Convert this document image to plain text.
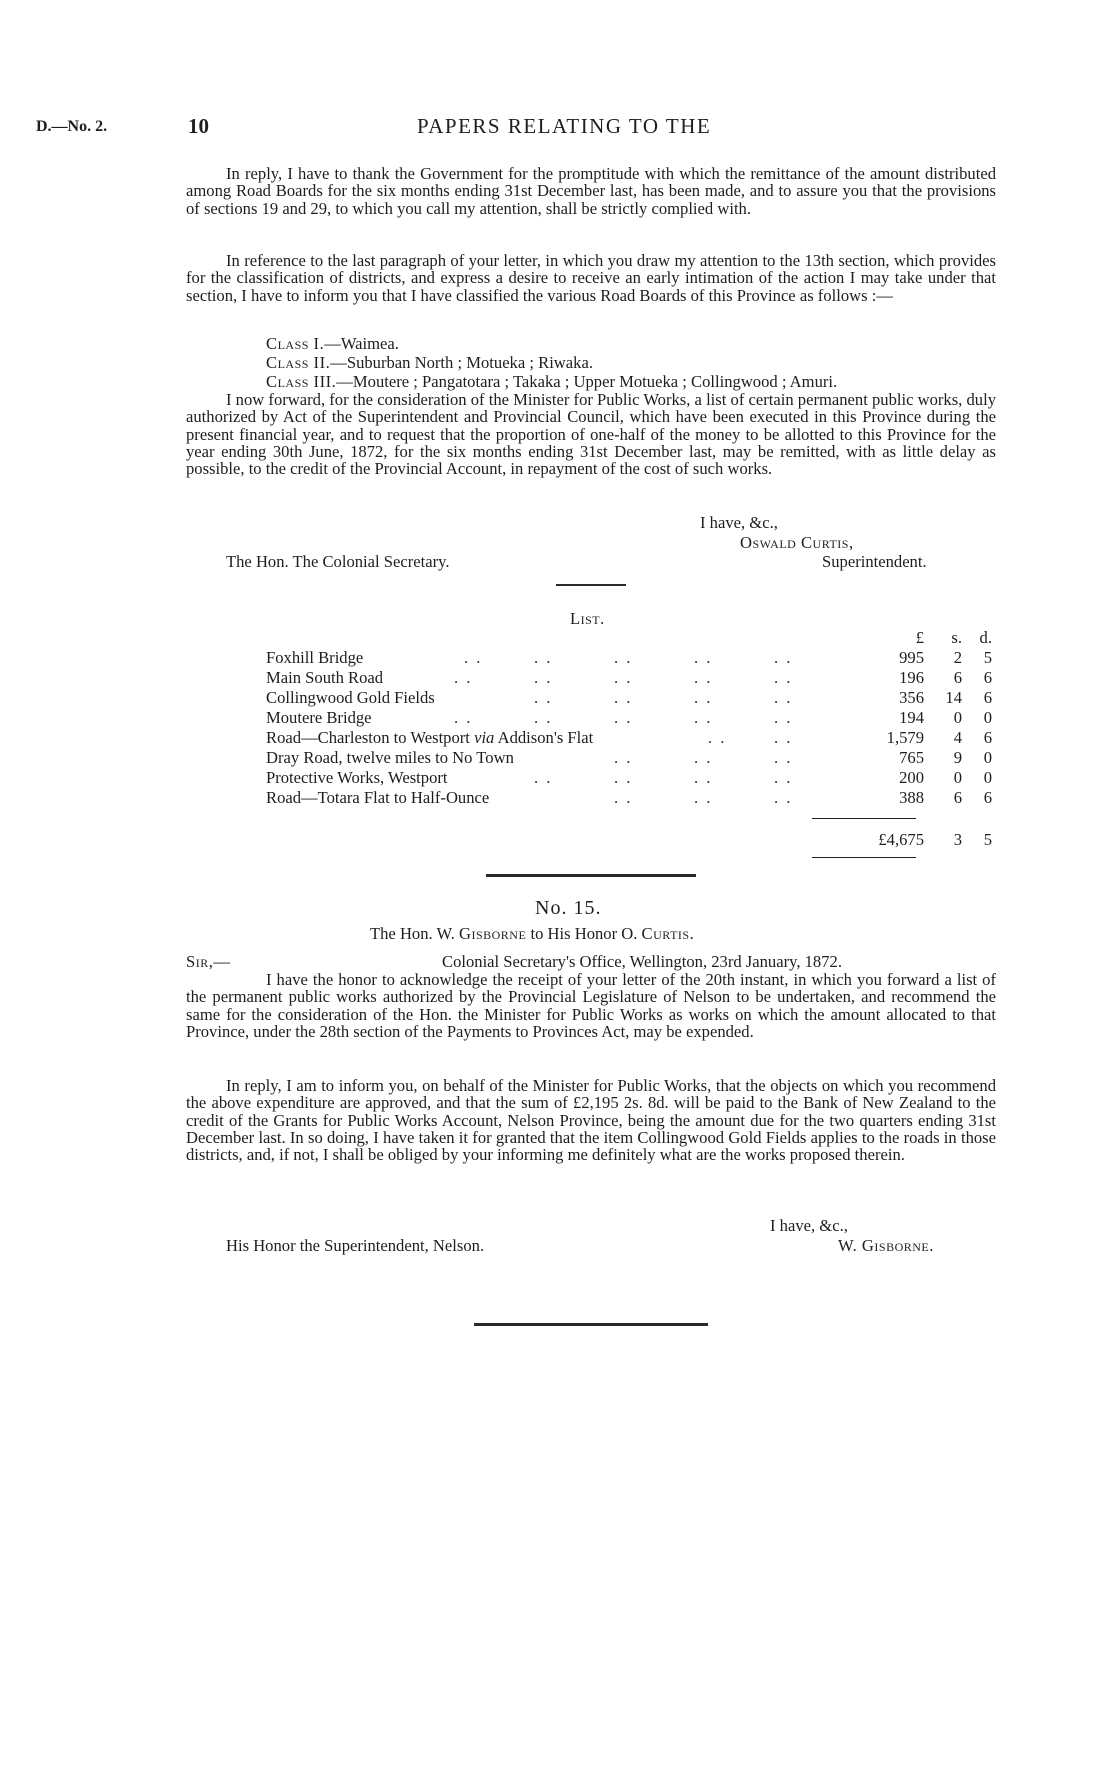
D.—No. 2.	10	PAPERS RELATING TO THE
In reply, I have to thank the Government for the promptitude with which the remittance of the amount distributed among Road Boards for the six months ending 31st December last, has been made, and to assure you that the provisions of sections 19 and 29, to which you call my attention, shall be strictly complied with.
In reference to the last paragraph of your letter, in which you draw my attention to the 13th section, which provides for the classification of districts, and express a desire to receive an early intimation of the action I may take under that section, I have to inform you that I have classified the various Road Boards of this Province as follows :—
Class I.—Waimea.
Class II.—Suburban North ; Motueka ; Riwaka.
Class III.—Moutere ; Pangatotara ; Takaka ; Upper Motueka ; Collingwood ; Amuri.
I now forward, for the consideration of the Minister for Public Works, a list of certain permanent public works, duly authorized by Act of the Superintendent and Provincial Council, which have been executed in this Province during the present financial year, and to request that the proportion of one-half of the money to be allotted to this Province for the year ending 30th June, 1872, for the six months ending 31st December last, may be remitted, with as little delay as possible, to the credit of the Provincial Account, in repayment of the cost of such works.
I have, &c.,
Oswald Curtis,
The Hon. The Colonial Secretary.	Superintendent.
List.
£	s.	d.
Foxhill Bridge	. .	. .	. .	. .	. .	995	2	5
Main South Road	. .	. .	. .	. .	. .	196	6	6
Collingwood Gold Fields	. .	. .	. .	. .	356	14	6
Moutere Bridge	. .	. .	. .	. .	. .	194	0	0
Road—Charleston to Westport via Addison's Flat	. .	. .	1,579	4	6
Dray Road, twelve miles to No Town	. .	. .	. .	765	9	0
Protective Works, Westport	. .	. .	. .	. .	200	0	0
Road—Totara Flat to Half-Ounce	. .	. .	. .	388	6	6
£4,675	3	5
No. 15.
The Hon. W. Gisborne to His Honor O. Curtis.
Sir,—	Colonial Secretary's Office, Wellington, 23rd January, 1872.
I have the honor to acknowledge the receipt of your letter of the 20th instant, in which you forward a list of the permanent public works authorized by the Provincial Legislature of Nelson to be undertaken, and recommend the same for the consideration of the Hon. the Minister for Public Works as works on which the amount allocated to that Province, under the 28th section of the Payments to Provinces Act, may be expended.
In reply, I am to inform you, on behalf of the Minister for Public Works, that the objects on which you recommend the above expenditure are approved, and that the sum of £2,195 2s. 8d. will be paid to the Bank of New Zealand to the credit of the Grants for Public Works Account, Nelson Province, being the amount due for the two quarters ending 31st December last. In so doing, I have taken it for granted that the item Collingwood Gold Fields applies to the roads in those districts, and, if not, I shall be obliged by your informing me definitely what are the works proposed therein.
I have, &c.,
His Honor the Superintendent, Nelson.	W. Gisborne.
